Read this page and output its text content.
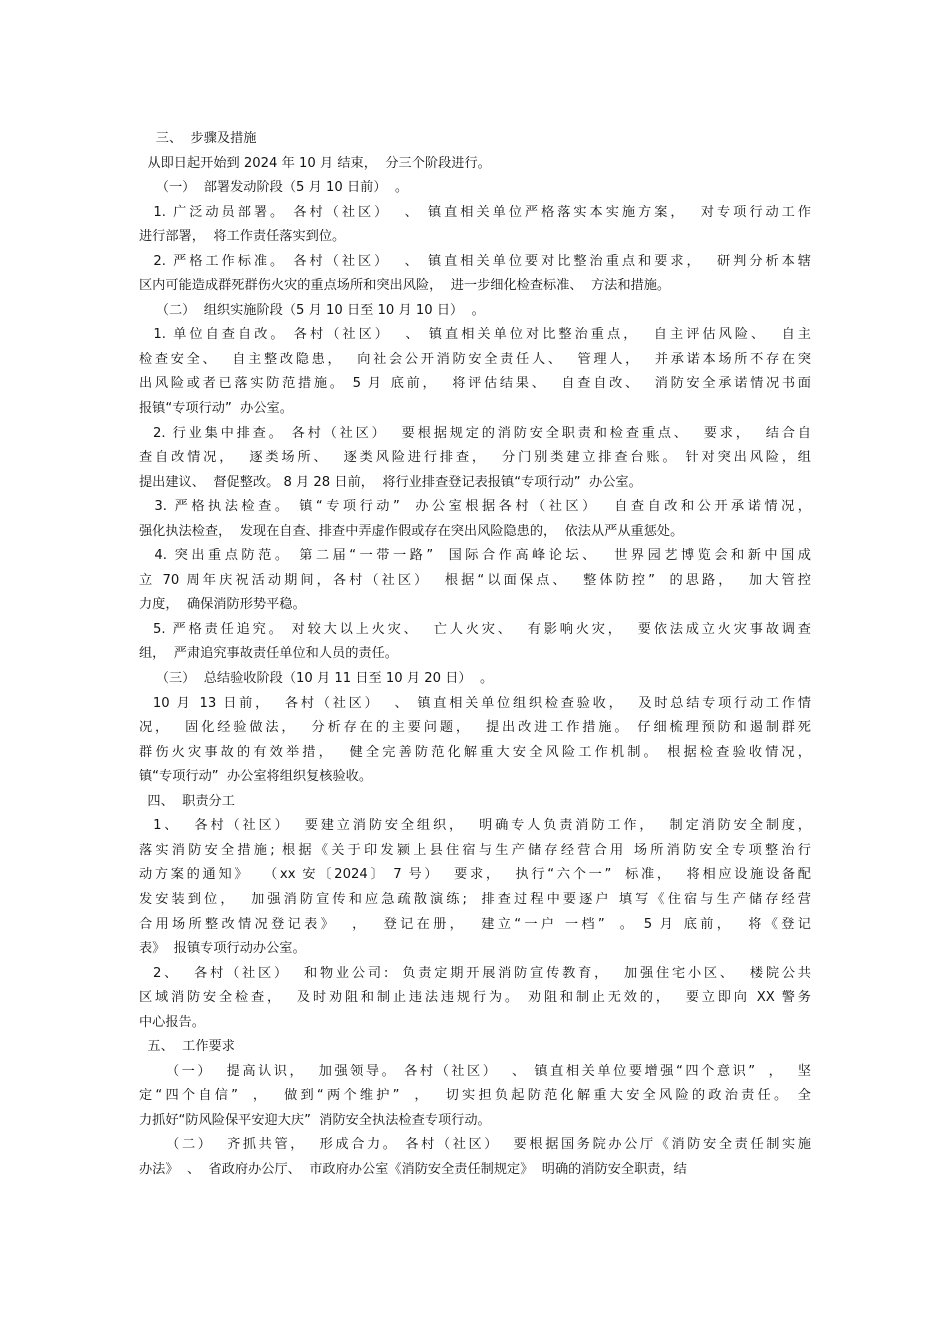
三、  步骤及措施
从即日起开始到 2024 年 10 月 结束，  分三个阶段进行。
（一）  部署发动阶段（5 月 10 日前）  。
1. 广泛动员部署。 各村（社区）  、 镇直相关单位严格落实本实施方案，  对专项行动工作
进行部署，  将工作责任落实到位。
2. 严格工作标准。 各村（社区）  、 镇直相关单位要对比整治重点和要求，  研判分析本辖
区内可能造成群死群伤火灾的重点场所和突出风险，  进一步细化检查标准、  方法和措施。
（二）  组织实施阶段（5 月 10 日至 10 月 10 日）  。
1. 单位自查自改。 各村（社区）  、 镇直相关单位对比整治重点，  自主评估风险、  自主
检查安全、  自主整改隐患，  向社会公开消防安全责任人、  管理人，  并承诺本场所不存在突
出风险或者已落实防范措施。 5 月 底前，  将评估结果、  自查自改、  消防安全承诺情况书面
报镇“专项行动”  办公室。
2. 行业集中排查。 各村（社区）  要根据规定的消防安全职责和检查重点、  要求，  结合自
查自改情况，  逐类场所、  逐类风险进行排查，  分门别类建立排查台账。 针对突出风险，组
提出建议、  督促整改。 8 月 28 日前，  将行业排查登记表报镇“专项行动”  办公室。
3. 严格执法检查。 镇“专项行动”  办公室根据各村（社区）  自查自改和公开承诺情况，
强化执法检查，  发现在自查、排查中弄虚作假或存在突出风险隐患的，  依法从严从重惩处。
4. 突出重点防范。 第二届“一带一路”  国际合作高峰论坛、  世界园艺博览会和新中国成
立 70 周年庆祝活动期间，各村（社区）  根据“以面保点、  整体防控”  的思路，  加大管控
力度，  确保消防形势平稳。
5. 严格责任追究。 对较大以上火灾、  亡人火灾、  有影响火灾，  要依法成立火灾事故调查
组，  严肃追究事故责任单位和人员的责任。
（三）  总结验收阶段（10 月 11 日至 10 月 20 日）  。
10 月 13 日前，  各村（社区）  、 镇直相关单位组织检查验收，  及时总结专项行动工作情
况，  固化经验做法，  分析存在的主要问题，  提出改进工作措施。 仔细梳理预防和遏制群死
群伤火灾事故的有效举措，  健全完善防范化解重大安全风险工作机制。 根据检查验收情况，
镇“专项行动”  办公室将组织复核验收。
四、  职责分工
1、  各村（社区）  要建立消防安全组织，  明确专人负责消防工作，  制定消防安全制度，
落实消防安全措施; 根据《关于印发颍上县住宿与生产储存经营合用 场所消防安全专项整治行
动方案的通知》  （xx 安〔2024〕 7 号）  要求，  执行“六个一”  标准，  将相应设施设备配
发安装到位，  加强消防宣传和应急疏散演练;  排查过程中要逐户 填写《住宿与生产储存经营
合用场所整改情况登记表》  ，  登记在册，  建立“一户 一档”  。 5 月 底前，  将《登记
表》  报镇专项行动办公室。
2、  各村（社区）  和物业公司:  负责定期开展消防宣传教育，  加强住宅小区、  楼院公共
区域消防安全检查，  及时劝阻和制止违法违规行为。 劝阻和制止无效的，  要立即向 XX 警务
中心报告。
五、  工作要求
（一）  提高认识，  加强领导。 各村（社区）  、 镇直相关单位要增强“四个意识”  ，  坚
定“四个自信”  ，  做到“两个维护”  ，  切实担负起防范化解重大安全风险的政治责任。 全
力抓好“防风险保平安迎大庆”  消防安全执法检查专项行动。
（二）  齐抓共管，  形成合力。 各村（社区）  要根据国务院办公厅《消防安全责任制实施
办法》  、  省政府办公厅、  市政府办公室《消防安全责任制规定》  明确的消防安全职责，结
